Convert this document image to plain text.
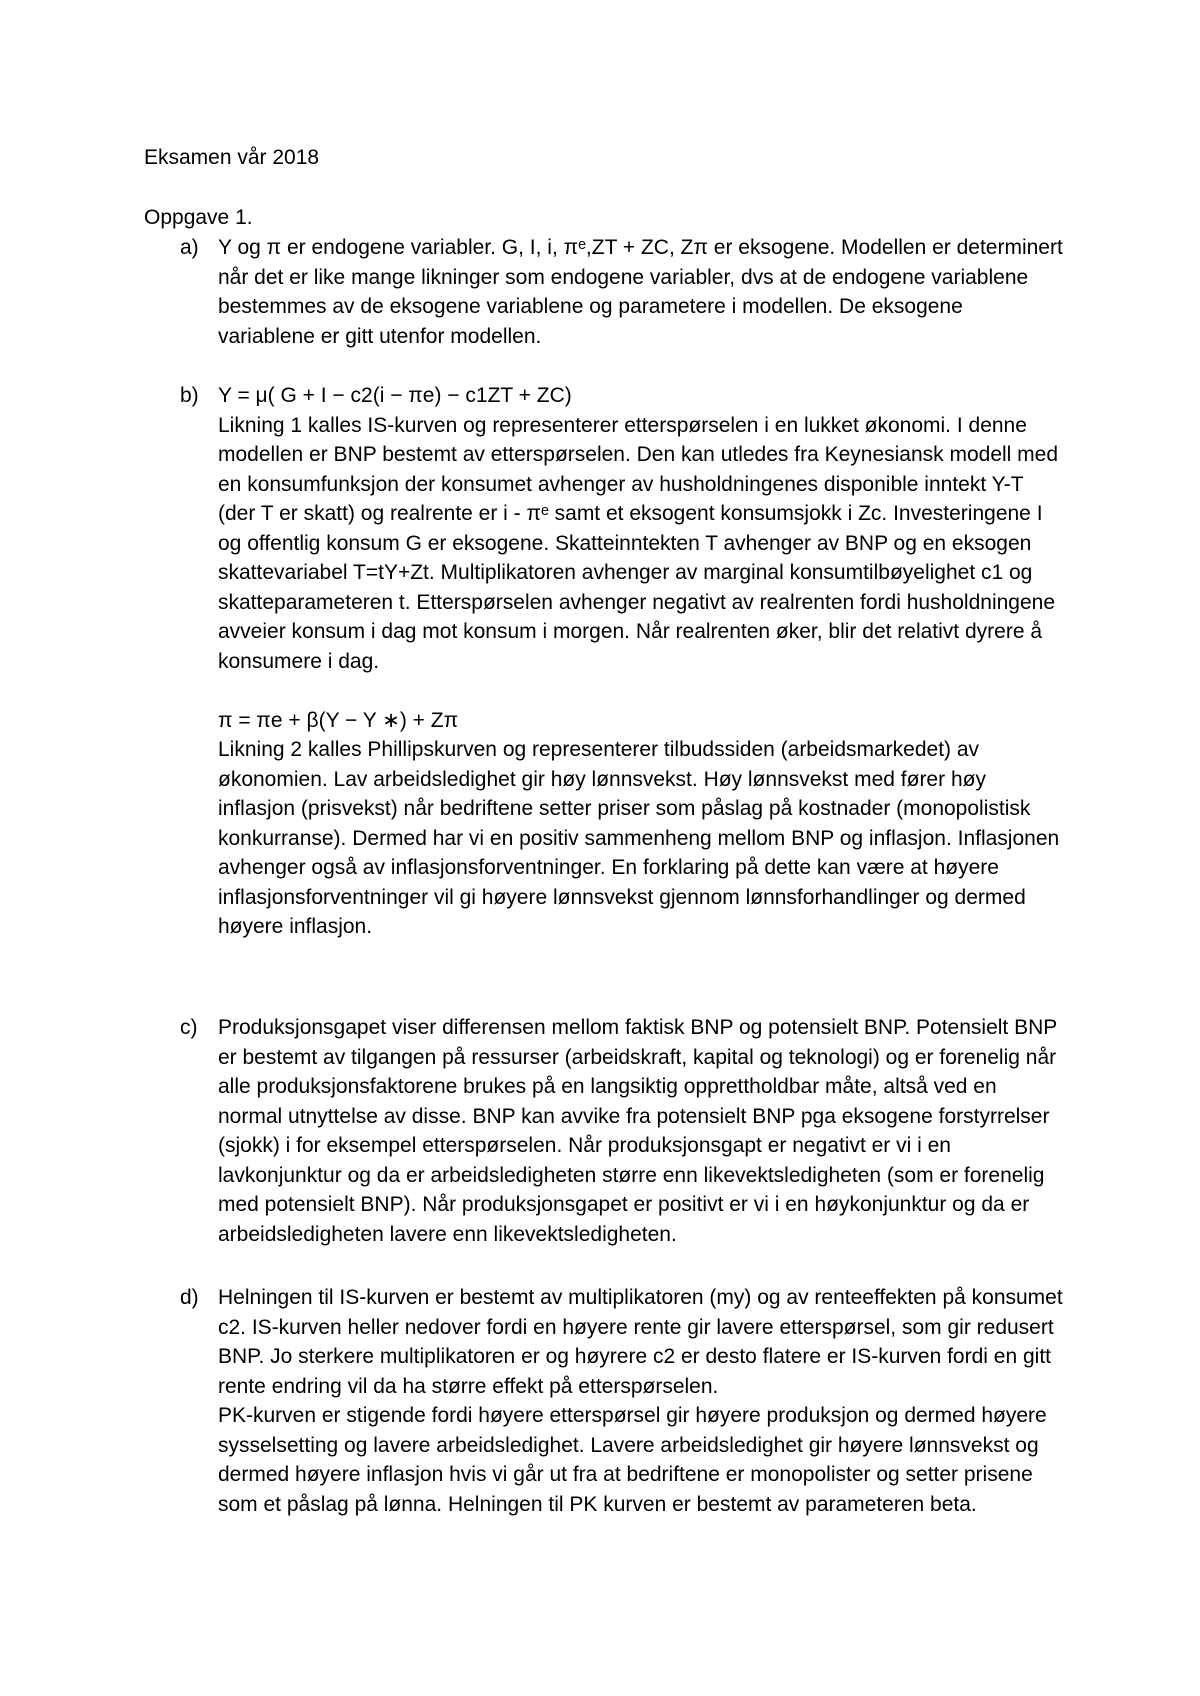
Eksamen vår 2018
Oppgave 1.
a) Y og π er endogene variabler. G, I, i, πᵉ,ZT + ZC, Zπ er eksogene. Modellen er determinert når det er like mange likninger som endogene variabler, dvs at de endogene variablene bestemmes av de eksogene variablene og parametere i modellen. De eksogene variablene er gitt utenfor modellen.

b) Y = μ( G + I − c2(i − πe) − c1ZT + ZC)

Likning 1 kalles IS-kurven og representerer etterspørselen i en lukket økonomi. I denne modellen er BNP bestemt av etterspørselen. Den kan utledes fra Keynesiansk modell med en konsumfunksjon der konsumet avhenger av husholdningenes disponible inntekt Y-T (der T er skatt) og realrente er i - πᵉ samt et eksogent konsumsjokk i Zc. Investeringene I og offentlig konsum G er eksogene. Skatteinntekten T avhenger av BNP og en eksogen skattevariabel T=tY+Zt. Multiplikatoren avhenger av marginal konsumtilbøyelighet c1 og skatteparameteren t. Etterspørselen avhenger negativt av realrenten fordi husholdningene avveier konsum i dag mot konsum i morgen. Når realrenten øker, blir det relativt dyrere å konsumere i dag.

π = πe + β(Y − Y ∗) + Zπ

Likning 2 kalles Phillipskurven og representerer tilbudssiden (arbeidsmarkedet) av økonomien. Lav arbeidsledighet gir høy lønnsvekst. Høy lønnsvekst med fører høy inflasjon (prisvekst) når bedriftene setter priser som påslag på kostnader (monopolistisk konkurranse). Dermed har vi en positiv sammenheng mellom BNP og inflasjon. Inflasjonen avhenger også av inflasjonsforventninger. En forklaring på dette kan være at høyere inflasjonsforventninger vil gi høyere lønnsvekst gjennom lønnsforhandlinger og dermed høyere inflasjon.

c) Produksjonsgapet viser differensen mellom faktisk BNP og potensielt BNP. Potensielt BNP er bestemt av tilgangen på ressurser (arbeidskraft, kapital og teknologi) og er forenelig når alle produksjonsfaktorene brukes på en langsiktig opprettholdbar måte, altså ved en normal utnyttelse av disse. BNP kan avvike fra potensielt BNP pga eksogene forstyrrelser (sjokk) i for eksempel etterspørselen. Når produksjonsgapt er negativt er vi i en lavkonjunktur og da er arbeidsledigheten større enn likevektsledigheten (som er forenelig med potensielt BNP). Når produksjonsgapet er positivt er vi i en høykonjunktur og da er arbeidsledigheten lavere enn likevektsledigheten.

d) Helningen til IS-kurven er bestemt av multiplikatoren (my) og av renteeffekten på konsumet c2. IS-kurven heller nedover fordi en høyere rente gir lavere etterspørsel, som gir redusert BNP. Jo sterkere multiplikatoren er og høyrere c2 er desto flatere er IS-kurven fordi en gitt rente endring vil da ha større effekt på etterspørselen.

PK-kurven er stigende fordi høyere etterspørsel gir høyere produksjon og dermed høyere sysselsetting og lavere arbeidsledighet. Lavere arbeidsledighet gir høyere lønnsvekst og dermed høyere inflasjon hvis vi går ut fra at bedriftene er monopolister og setter prisene som et påslag på lønna. Helningen til PK kurven er bestemt av parameteren beta.
